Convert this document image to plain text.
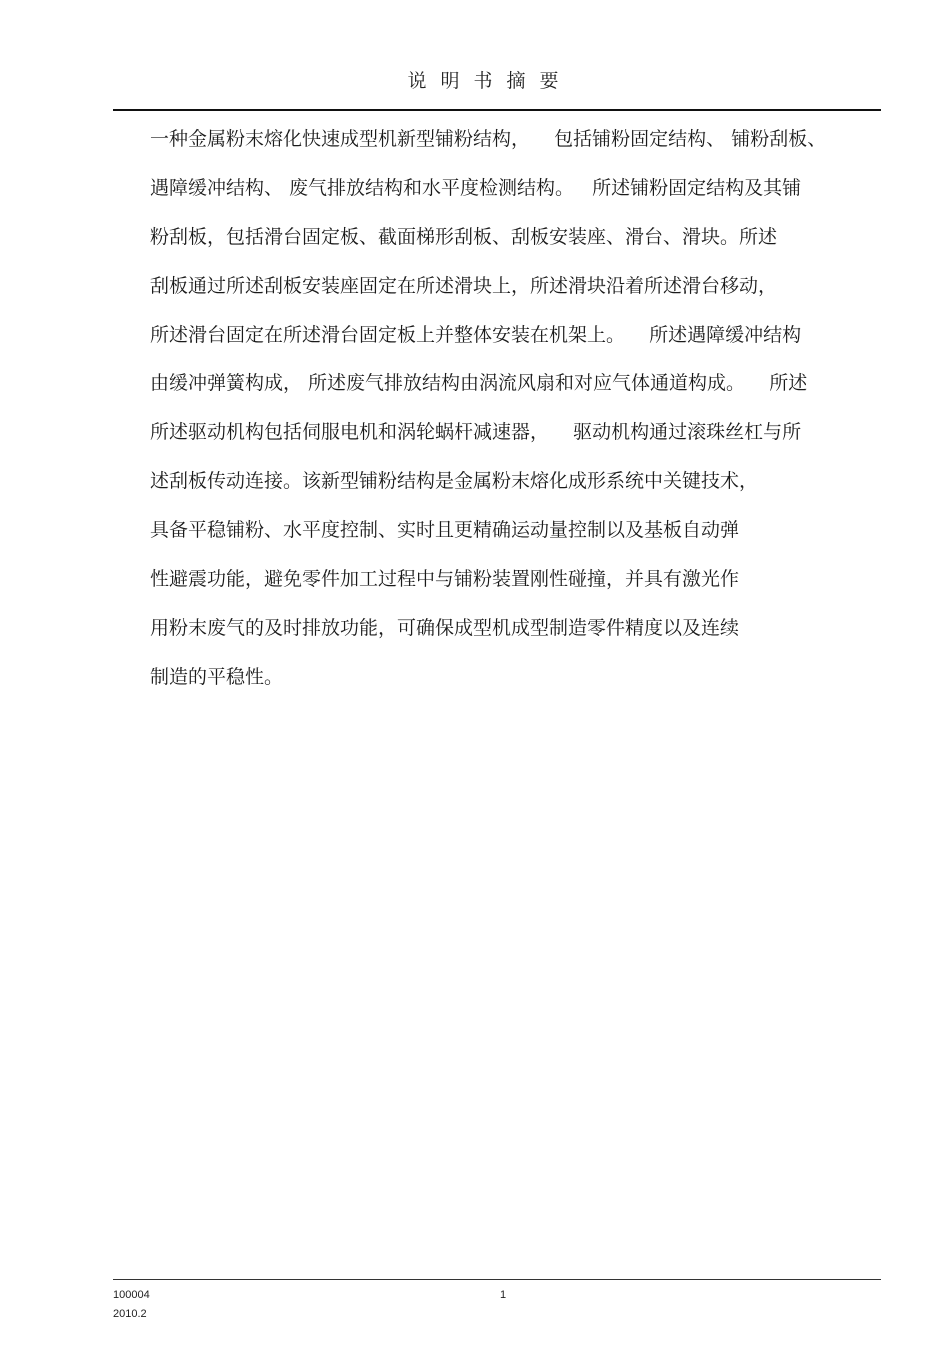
说明书摘要
一种金属粉末熔化快速成型机新型铺粉结构，    包括铺粉固定结构、 铺粉刮板、
遇障缓冲结构、 废气排放结构和水平度检测结构。   所述铺粉固定结构及其铺
粉刮板，包括滑台固定板、截面梯形刮板、刮板安装座、滑台、滑块。所述
刮板通过所述刮板安装座固定在所述滑块上，所述滑块沿着所述滑台移动，
所述滑台固定在所述滑台固定板上并整体安装在机架上。    所述遇障缓冲结构
由缓冲弹簧构成， 所述废气排放结构由涡流风扇和对应气体通道构成。    所述
所述驱动机构包括伺服电机和涡轮蜗杆减速器，    驱动机构通过滚珠丝杠与所
述刮板传动连接。该新型铺粉结构是金属粉末熔化成形系统中关键技术，
具备平稳铺粉、水平度控制、实时且更精确运动量控制以及基板自动弹
性避震功能，避免零件加工过程中与铺粉装置刚性碰撞，并具有激光作
用粉末废气的及时排放功能，可确保成型机成型制造零件精度以及连续
制造的平稳性。
100004
2010.2
1
